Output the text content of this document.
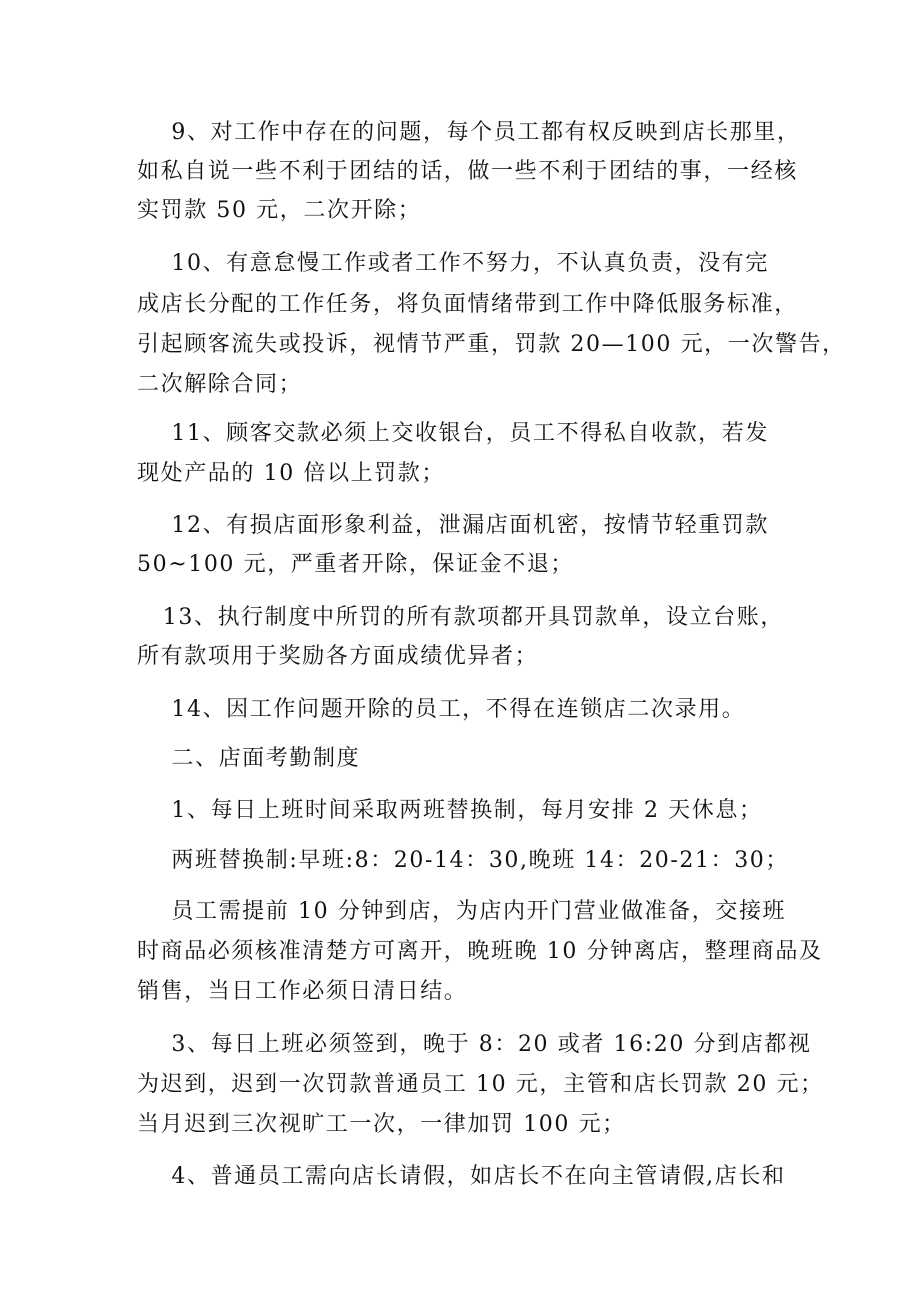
9、对工作中存在的问题，每个员工都有权反映到店长那里，

如私自说一些不利于团结的话，做一些不利于团结的事，一经核

实罚款 50 元，二次开除；

10、有意怠慢工作或者工作不努力，不认真负责，没有完

成店长分配的工作任务，将负面情绪带到工作中降低服务标准，

引起顾客流失或投诉，视情节严重，罚款 20—100 元，一次警告，

二次解除合同；

11、顾客交款必须上交收银台，员工不得私自收款，若发

现处产品的 10 倍以上罚款；

12、有损店面形象利益，泄漏店面机密，按情节轻重罚款

50~100 元，严重者开除，保证金不退；

13、执行制度中所罚的所有款项都开具罚款单，设立台账，

所有款项用于奖励各方面成绩优异者；

14、因工作问题开除的员工，不得在连锁店二次录用。

二、店面考勤制度

1、每日上班时间采取两班替换制，每月安排 2 天休息；

两班替换制:早班:8：20-14：30,晚班 14：20-21：30；

员工需提前 10 分钟到店，为店内开门营业做准备，交接班

时商品必须核准清楚方可离开，晚班晚 10 分钟离店，整理商品及

销售，当日工作必须日清日结。

3、每日上班必须签到，晚于 8：20 或者 16:20 分到店都视

为迟到，迟到一次罚款普通员工 10 元，主管和店长罚款 20 元；

当月迟到三次视旷工一次，一律加罚 100 元；

4、普通员工需向店长请假，如店长不在向主管请假,店长和
